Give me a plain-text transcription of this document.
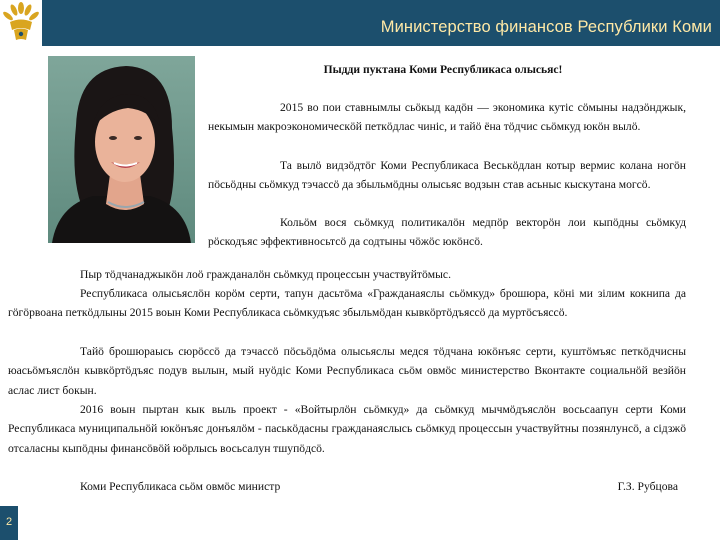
Министерство финансов Республики Коми
Пыдди пуктана Коми Республикаса олысьяс!
2015 во пои ставнымлы сьӧкыд кадӧн — экономика кутiс сӧмыны надзӧнджык, некымын макроэкономическӧй петкӧдлас чинiс, и тайӧ ёна тӧдчис сьӧмкуд юкӧн вылӧ.
Та вылӧ видзӧдтӧг Коми Республикаса Веськӧдлан котыр вермис колана ногӧн пӧсьӧдны сьӧмкуд тэчассӧ да збыльмӧдны олысьяс водзын став асьныс кыскутана могсӧ.
Кольӧм вося сьӧмкуд политикалӧн медпӧр векторӧн лои кыпӧдны сьӧмкуд рӧскодъяс эффективносьтсӧ да содтыны чӧжӧс юкӧнсӧ.
Пыр тӧдчанаджыкӧн лоӧ гражданалӧн сьӧмкуд процессын участвуйтӧмыс.
Республикаса олысьяслӧн корӧм серти, тапун дасьтӧма «Гражданаяслы сьӧмкуд» брошюра, кӧнi ми зiлим кокнипа да гӧгӧрвоана петкӧдлыны 2015 воын Коми Республикаса сьӧмкудъяс збыльмӧдан кывкӧртӧдъяссӧ да муртӧсъяссӧ.
Тайӧ брошюраысь сюрӧссӧ да тэчассӧ пӧсьӧдӧма олысьяслы медся тӧдчана юкӧнъяс серти, куштӧмъяс петкӧдчисны юасьӧмъяслӧн кывкӧртӧдъяс подув вылын, мый нуӧдiс Коми Республикаса сьӧм овмӧс министерство Вконтакте социальнӧй везйӧн аслас лист бокын.
2016 воын пыртан кык выль проект - «Войтырлӧн сьӧмкуд» да сьӧмкуд мычмӧдъяслӧн восьсаапун серти Коми Республикаса муниципальнӧй юкӧнъяс донъялӧм - паськӧдасны гражданаяслысь сьӧмкуд процессын участвуйтны позянлунсӧ, а сiдзжӧ отсаласны кыпӧдны финансӧвӧй юӧрлысь восьсалун тшупӧдсӧ.
Коми Республикаса сьӧм овмӧс министр	Г.З. Рубцова
2
